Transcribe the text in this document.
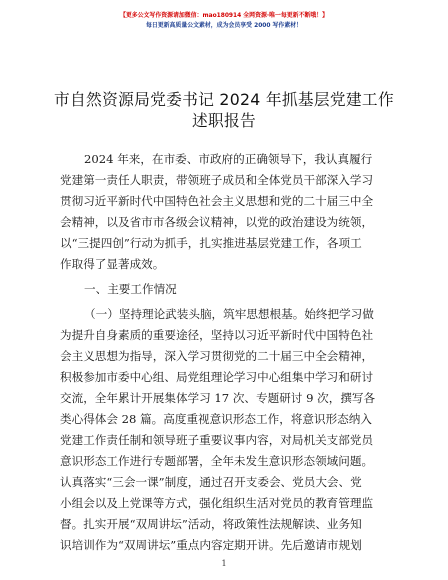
【更多公文写作资源请加微信：mao180914 全网资源·唯一每更新不断哦！】
每日更新高质量公文素材，成为会员享受 2000 写作素材！
市自然资源局党委书记 2024 年抓基层党建工作
述职报告
2024 年来，在市委、市政府的正确领导下，我认真履行
党建第一责任人职责，带领班子成员和全体党员干部深入学习
贯彻习近平新时代中国特色社会主义思想和党的二十届三中全
会精神，以及省市市各级会议精神，以党的政治建设为统领，
以“三提四创”行动为抓手，扎实推进基层党建工作，各项工
作取得了显著成效。
一、主要工作情况
（一）坚持理论武装头脑，筑牢思想根基。始终把学习做
为提升自身素质的重要途径，坚持以习近平新时代中国特色社
会主义思想为指导，深入学习贯彻党的二十届三中全会精神，
积极参加市委中心组、局党组理论学习中心组集中学习和研讨
交流，全年累计开展集体学习 17 次、专题研讨 9 次，撰写各
类心得体会 28 篇。高度重视意识形态工作，将意识形态纳入
党建工作责任制和领导班子重要议事内容，对局机关支部党员
意识形态工作进行专题部署，全年未发生意识形态领域问题。
认真落实“三会一课”制度，通过召开支委会、党员大会、党
小组会以及上党课等方式，强化组织生活对党员的教育管理监
督。扎实开展“双周讲坛”活动，将政策性法规解读、业务知
识培训作为“双周讲坛”重点内容定期开讲。先后邀请市规划
1
